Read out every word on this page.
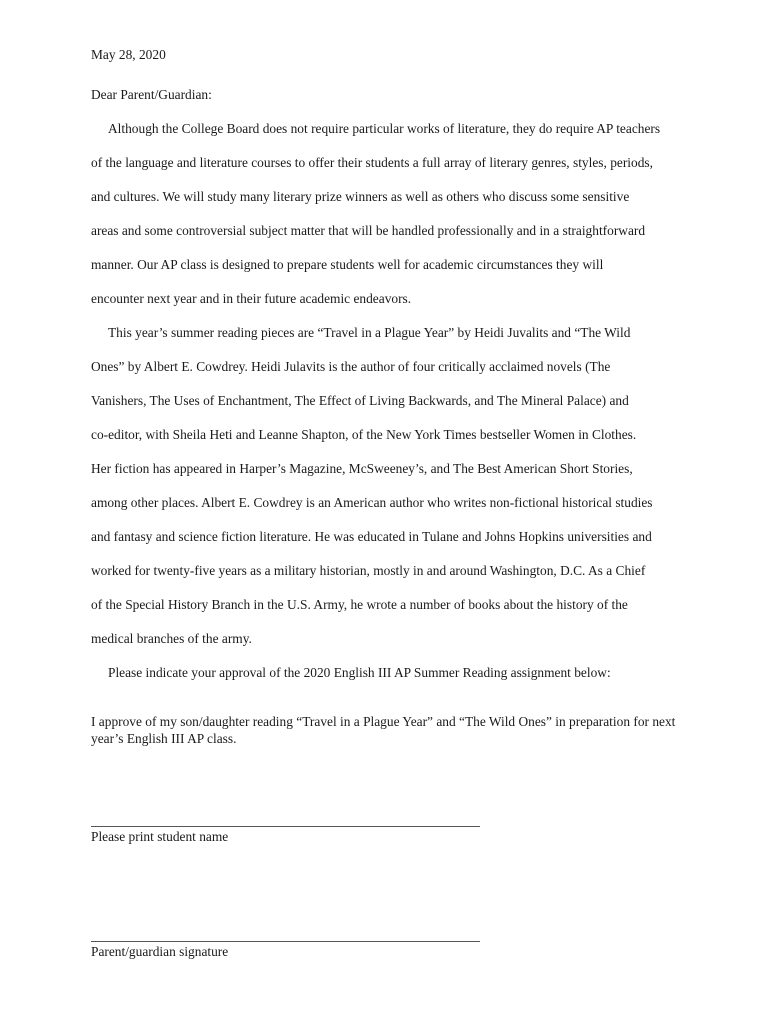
May 28, 2020
Dear Parent/Guardian:
Although the College Board does not require particular works of literature, they do require AP teachers
of the language and literature courses to offer their students a full array of literary genres, styles, periods,
and cultures. We will study many literary prize winners as well as others who discuss some sensitive
areas and some controversial subject matter that will be handled professionally and in a straightforward
manner. Our AP class is designed to prepare students well for academic circumstances they will
encounter next year and in their future academic endeavors.
This year’s summer reading pieces are “Travel in a Plague Year” by Heidi Juvalits and “The Wild
Ones” by Albert E. Cowdrey. Heidi Julavits is the author of four critically acclaimed novels (The
Vanishers, The Uses of Enchantment, The Effect of Living Backwards, and The Mineral Palace) and
co-editor, with Sheila Heti and Leanne Shapton, of the New York Times bestseller Women in Clothes.
Her fiction has appeared in Harper’s Magazine, McSweeney’s, and The Best American Short Stories,
among other places. Albert E. Cowdrey is an American author who writes non-fictional historical studies
and fantasy and science fiction literature. He was educated in Tulane and Johns Hopkins universities and
worked for twenty-five years as a military historian, mostly in and around Washington, D.C. As a Chief
of the Special History Branch in the U.S. Army, he wrote a number of books about the history of the
medical branches of the army.
Please indicate your approval of the 2020 English III AP Summer Reading assignment below:
I approve of my son/daughter reading “Travel in a Plague Year” and “The Wild Ones” in preparation for next
year’s English III AP class.
Please print student name
Parent/guardian signature
